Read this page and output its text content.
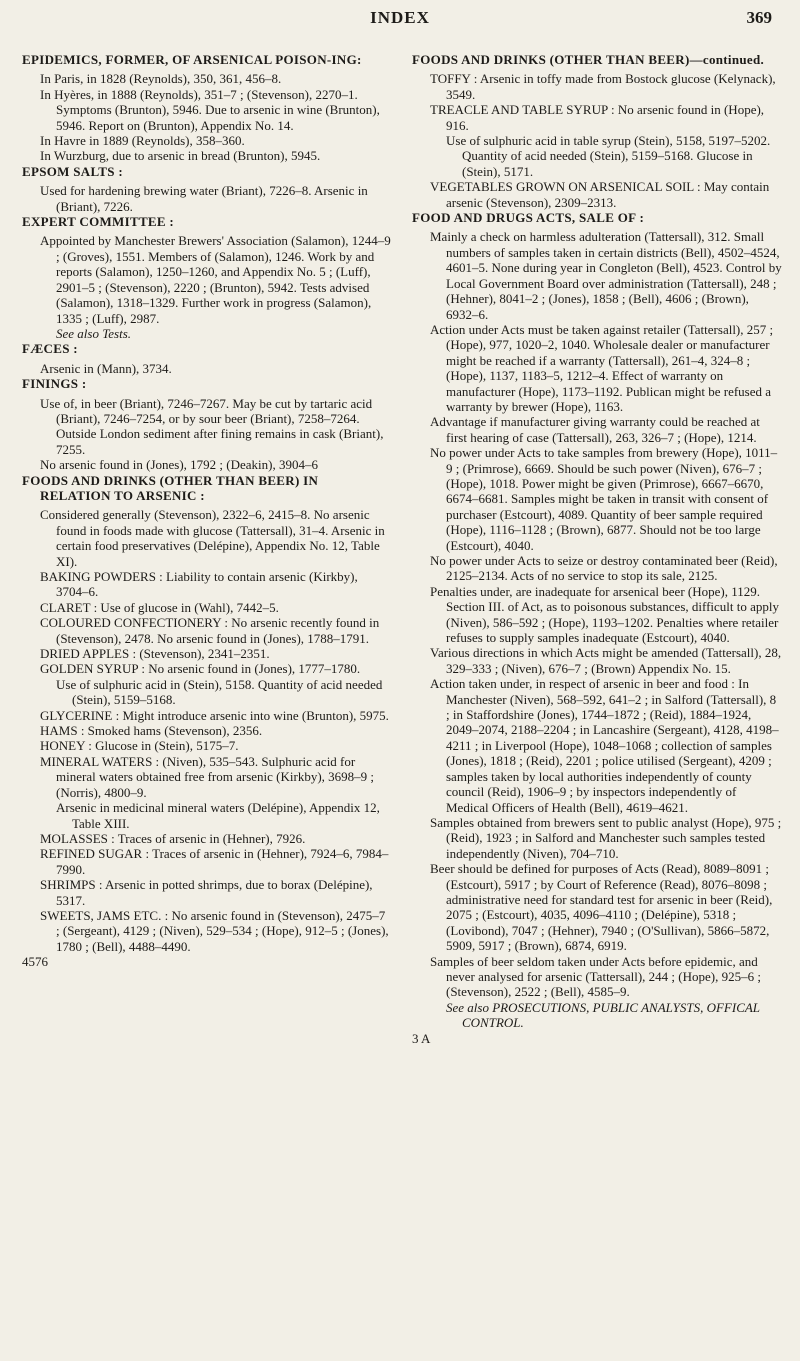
INDEX	369
EPIDEMICS, FORMER, OF ARSENICAL POISON-ING:
In Paris, in 1828 (Reynolds), 350, 361, 456–8.
In Hyères, in 1888 (Reynolds), 351–7 ; (Stevenson), 2270–1. Symptoms (Brunton), 5946. Due to arsenic in wine (Brunton), 5946. Report on (Brunton), Appendix No. 14.
In Havre in 1889 (Reynolds), 358–360.
In Wurzburg, due to arsenic in bread (Brunton), 5945.
EPSOM SALTS :
Used for hardening brewing water (Briant), 7226–8. Arsenic in (Briant), 7226.
EXPERT COMMITTEE :
Appointed by Manchester Brewers' Association (Salamon), 1244–9 ; (Groves), 1551. Members of (Salamon), 1246. Work by and reports (Salamon), 1250–1260, and Appendix No. 5 ; (Luff), 2901–5 ; (Stevenson), 2220 ; (Brunton), 5942. Tests advised (Salamon), 1318–1329. Further work in progress (Salamon), 1335 ; (Luff), 2987.
See also Tests.
FÆCES :
Arsenic in (Mann), 3734.
FININGS :
Use of, in beer (Briant), 7246–7267. May be cut by tartaric acid (Briant), 7246–7254, or by sour beer (Briant), 7258–7264. Outside London sediment after fining remains in cask (Briant), 7255.
No arsenic found in (Jones), 1792 ; (Deakin), 3904–6
FOODS AND DRINKS (OTHER THAN BEER) IN RELATION TO ARSENIC :
Considered generally (Stevenson), 2322–6, 2415–8. No arsenic found in foods made with glucose (Tattersall), 31–4. Arsenic in certain food preservatives (Delépine), Appendix No. 12, Table XI).
BAKING POWDERS : Liability to contain arsenic (Kirkby), 3704–6.
CLARET : Use of glucose in (Wahl), 7442–5.
COLOURED CONFECTIONERY : No arsenic recently found in (Stevenson), 2478. No arsenic found in (Jones), 1788–1791.
DRIED APPLES : (Stevenson), 2341–2351.
GOLDEN SYRUP : No arsenic found in (Jones), 1777–1780.
Use of sulphuric acid in (Stein), 5158. Quantity of acid needed (Stein), 5159–5168.
GLYCERINE : Might introduce arsenic into wine (Brunton), 5975.
HAMS : Smoked hams (Stevenson), 2356.
HONEY : Glucose in (Stein), 5175–7.
MINERAL WATERS : (Niven), 535–543. Sulphuric acid for mineral waters obtained free from arsenic (Kirkby), 3698–9 ; (Norris), 4800–9.
Arsenic in medicinal mineral waters (Delépine), Appendix 12, Table XIII.
MOLASSES : Traces of arsenic in (Hehner), 7926.
REFINED SUGAR : Traces of arsenic in (Hehner), 7924–6, 7984–7990.
SHRIMPS : Arsenic in potted shrimps, due to borax (Delépine), 5317.
SWEETS, JAMS ETC. : No arsenic found in (Stevenson), 2475–7 ; (Sergeant), 4129 ; (Niven), 529–534 ; (Hope), 912–5 ; (Jones), 1780 ; (Bell), 4488–4490.
4576
FOODS AND DRINKS (OTHER THAN BEER)—continued.
TOFFY : Arsenic in toffy made from Bostock glucose (Kelynack), 3549.
TREACLE AND TABLE SYRUP : No arsenic found in (Hope), 916.
Use of sulphuric acid in table syrup (Stein), 5158, 5197–5202. Quantity of acid needed (Stein), 5159–5168. Glucose in (Stein), 5171.
VEGETABLES GROWN ON ARSENICAL SOIL : May contain arsenic (Stevenson), 2309–2313.
FOOD AND DRUGS ACTS, SALE OF :
Mainly a check on harmless adulteration (Tattersall), 312. Small numbers of samples taken in certain districts (Bell), 4502–4524, 4601–5. None during year in Congleton (Bell), 4523. Control by Local Government Board over administration (Tattersall), 248 ; (Hehner), 8041–2 ; (Jones), 1858 ; (Bell), 4606 ; (Brown), 6932–6.
Action under Acts must be taken against retailer (Tattersall), 257 ; (Hope), 977, 1020–2, 1040. Wholesale dealer or manufacturer might be reached if a warranty (Tattersall), 261–4, 324–8 ; (Hope), 1137, 1183–5, 1212–4. Effect of warranty on manufacturer (Hope), 1173–1192. Publican might be refused a warranty by brewer (Hope), 1163.
Advantage if manufacturer giving warranty could be reached at first hearing of case (Tattersall), 263, 326–7 ; (Hope), 1214.
No power under Acts to take samples from brewery (Hope), 1011–9 ; (Primrose), 6669. Should be such power (Niven), 676–7 ; (Hope), 1018. Power might be given (Primrose), 6667–6670, 6674–6681. Samples might be taken in transit with consent of purchaser (Estcourt), 4089. Quantity of beer sample required (Hope), 1116–1128 ; (Brown), 6877. Should not be too large (Estcourt), 4040.
No power under Acts to seize or destroy contaminated beer (Reid), 2125–2134. Acts of no service to stop its sale, 2125.
Penalties under, are inadequate for arsenical beer (Hope), 1129. Section III. of Act, as to poisonous substances, difficult to apply (Niven), 586–592 ; (Hope), 1193–1202. Penalties where retailer refuses to supply samples inadequate (Estcourt), 4040.
Various directions in which Acts might be amended (Tattersall), 28, 329–333 ; (Niven), 676–7 ; (Brown) Appendix No. 15.
Action taken under, in respect of arsenic in beer and food : In Manchester (Niven), 568–592, 641–2 ; in Salford (Tattersall), 8 ; in Staffordshire (Jones), 1744–1872 ; (Reid), 1884–1924, 2049–2074, 2188–2204 ; in Lancashire (Sergeant), 4128, 4198–4211 ; in Liverpool (Hope), 1048–1068 ; collection of samples (Jones), 1818 ; (Reid), 2201 ; police utilised (Sergeant), 4209 ; samples taken by local authorities independently of county council (Reid), 1906–9 ; by inspectors independently of Medical Officers of Health (Bell), 4619–4621.
Samples obtained from brewers sent to public analyst (Hope), 975 ; (Reid), 1923 ; in Salford and Manchester such samples tested independently (Niven), 704–710.
Beer should be defined for purposes of Acts (Read), 8089–8091 ; (Estcourt), 5917 ; by Court of Reference (Read), 8076–8098 ; administrative need for standard test for arsenic in beer (Reid), 2075 ; (Estcourt), 4035, 4096–4110 ; (Delépine), 5318 ; (Lovibond), 7047 ; (Hehner), 7940 ; (O'Sullivan), 5866–5872, 5909, 5917 ; (Brown), 6874, 6919.
Samples of beer seldom taken under Acts before epidemic, and never analysed for arsenic (Tattersall), 244 ; (Hope), 925–6 ; (Stevenson), 2522 ; (Bell), 4585–9.
See also PROSECUTIONS, PUBLIC ANALYSTS, OFFICAL CONTROL.
3 A
